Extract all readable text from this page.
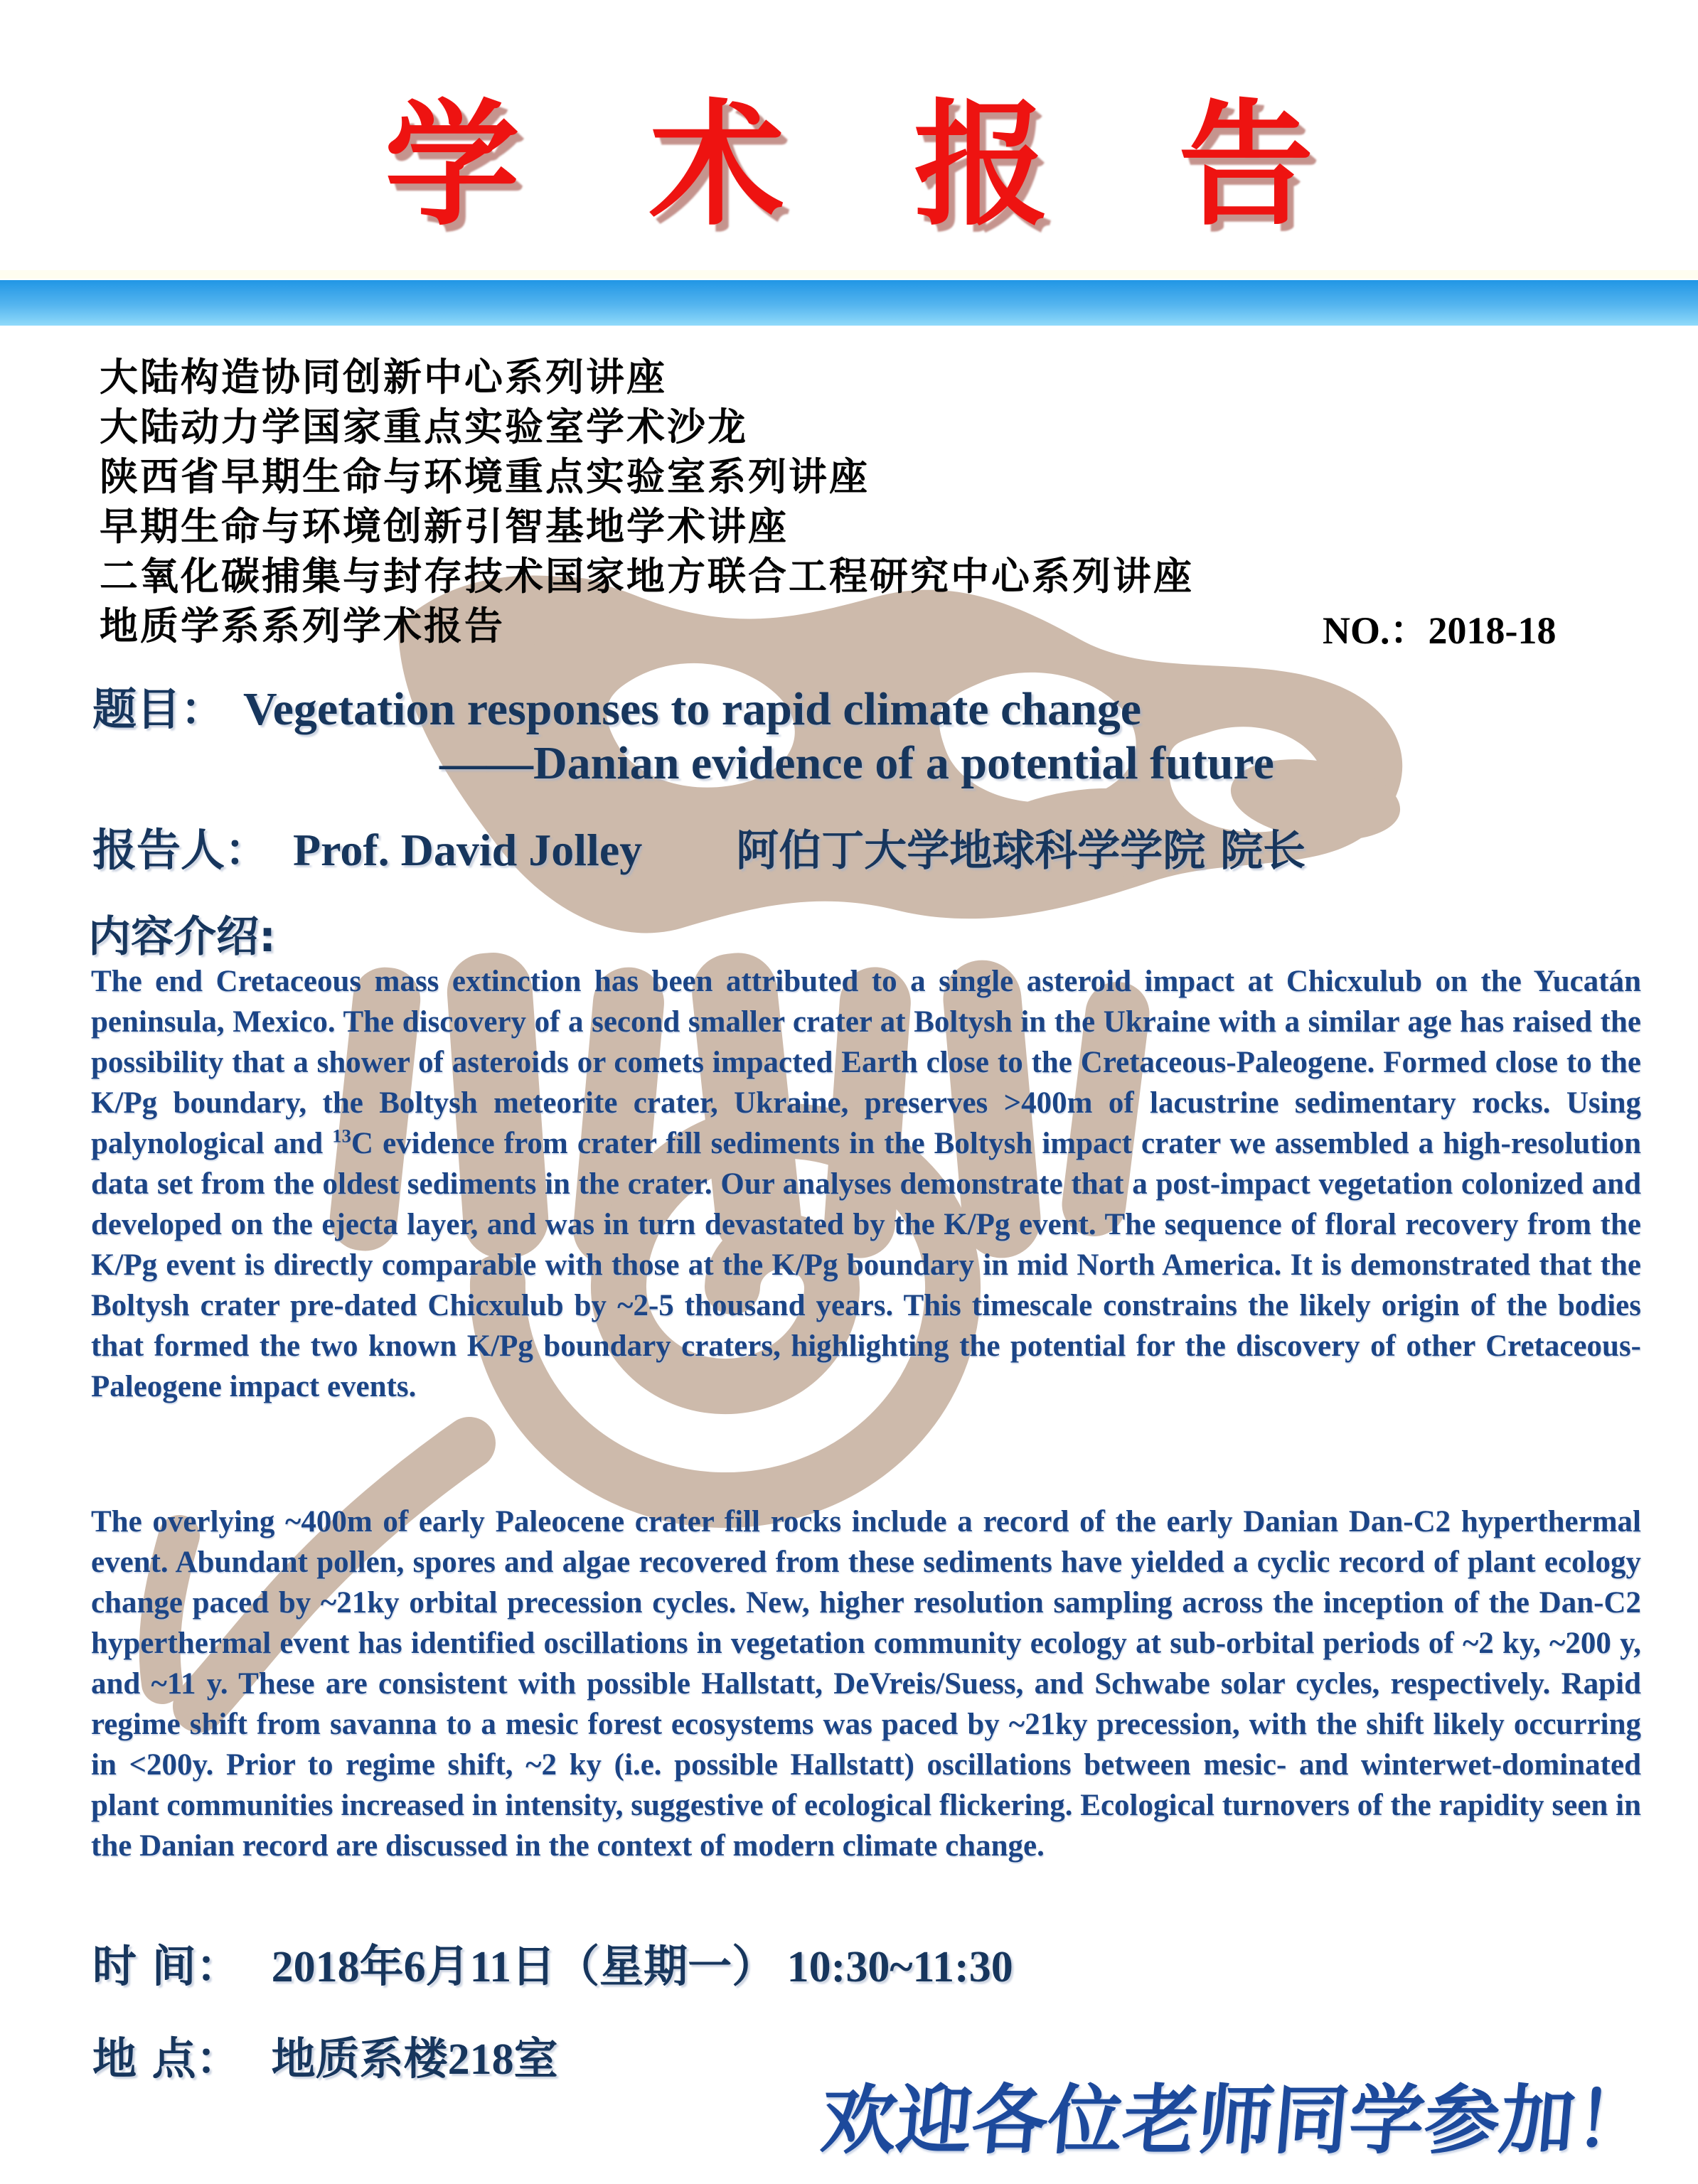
学 术 报 告
大陆构造协同创新中心系列讲座
大陆动力学国家重点实验室学术沙龙
陕西省早期生命与环境重点实验室系列讲座
早期生命与环境创新引智基地学术讲座
二氧化碳捕集与封存技术国家地方联合工程研究中心系列讲座
地质学系系列学术报告	NO.：2018-18
题目： Vegetation responses to rapid climate change
——Danian evidence of a potential future
报告人： Prof. David Jolley 阿伯丁大学地球科学学院 院长
内容介绍:

The end Cretaceous mass extinction has been attributed to a single asteroid impact at Chicxulub on the Yucatán peninsula, Mexico. The discovery of a second smaller crater at Boltysh in the Ukraine with a similar age has raised the possibility that a shower of asteroids or comets impacted Earth close to the Cretaceous-Paleogene. Formed close to the K/Pg boundary, the Boltysh meteorite crater, Ukraine, preserves >400m of lacustrine sedimentary rocks. Using palynological and $^{13}$C evidence from crater fill sediments in the Boltysh impact crater we assembled a high-resolution data set from the oldest sediments in the crater. Our analyses demonstrate that a post-impact vegetation colonized and developed on the ejecta layer, and was in turn devastated by the K/Pg event. The sequence of floral recovery from the K/Pg event is directly comparable with those at the K/Pg boundary in mid North America. It is demonstrated that the Boltysh crater pre-dated Chicxulub by ~2-5 thousand years. This timescale constrains the likely origin of the bodies that formed the two known K/Pg boundary craters, highlighting the potential for the discovery of other Cretaceous-Paleogene impact events.

The overlying ~400m of early Paleocene crater fill rocks include a record of the early Danian Dan-C2 hyperthermal event. Abundant pollen, spores and algae recovered from these sediments have yielded a cyclic record of plant ecology change paced by ~21ky orbital precession cycles. New, higher resolution sampling across the inception of the Dan-C2 hyperthermal event has identified oscillations in vegetation community ecology at sub-orbital periods of ~2 ky, ~200 y, and ~11 y. These are consistent with possible Hallstatt, DeVreis/Suess, and Schwabe solar cycles, respectively. Rapid regime shift from savanna to a mesic forest ecosystems was paced by ~21ky precession, with the shift likely occurring in <200y. Prior to regime shift, ~2 ky (i.e. possible Hallstatt) oscillations between mesic- and winterwet-dominated plant communities increased in intensity, suggestive of ecological flickering. Ecological turnovers of the rapidity seen in the Danian record are discussed in the context of modern climate change.

时 间： 2018年6月11日（星期一） 10:30~11:30
地 点： 地质系楼218室
欢迎各位老师同学参加！
